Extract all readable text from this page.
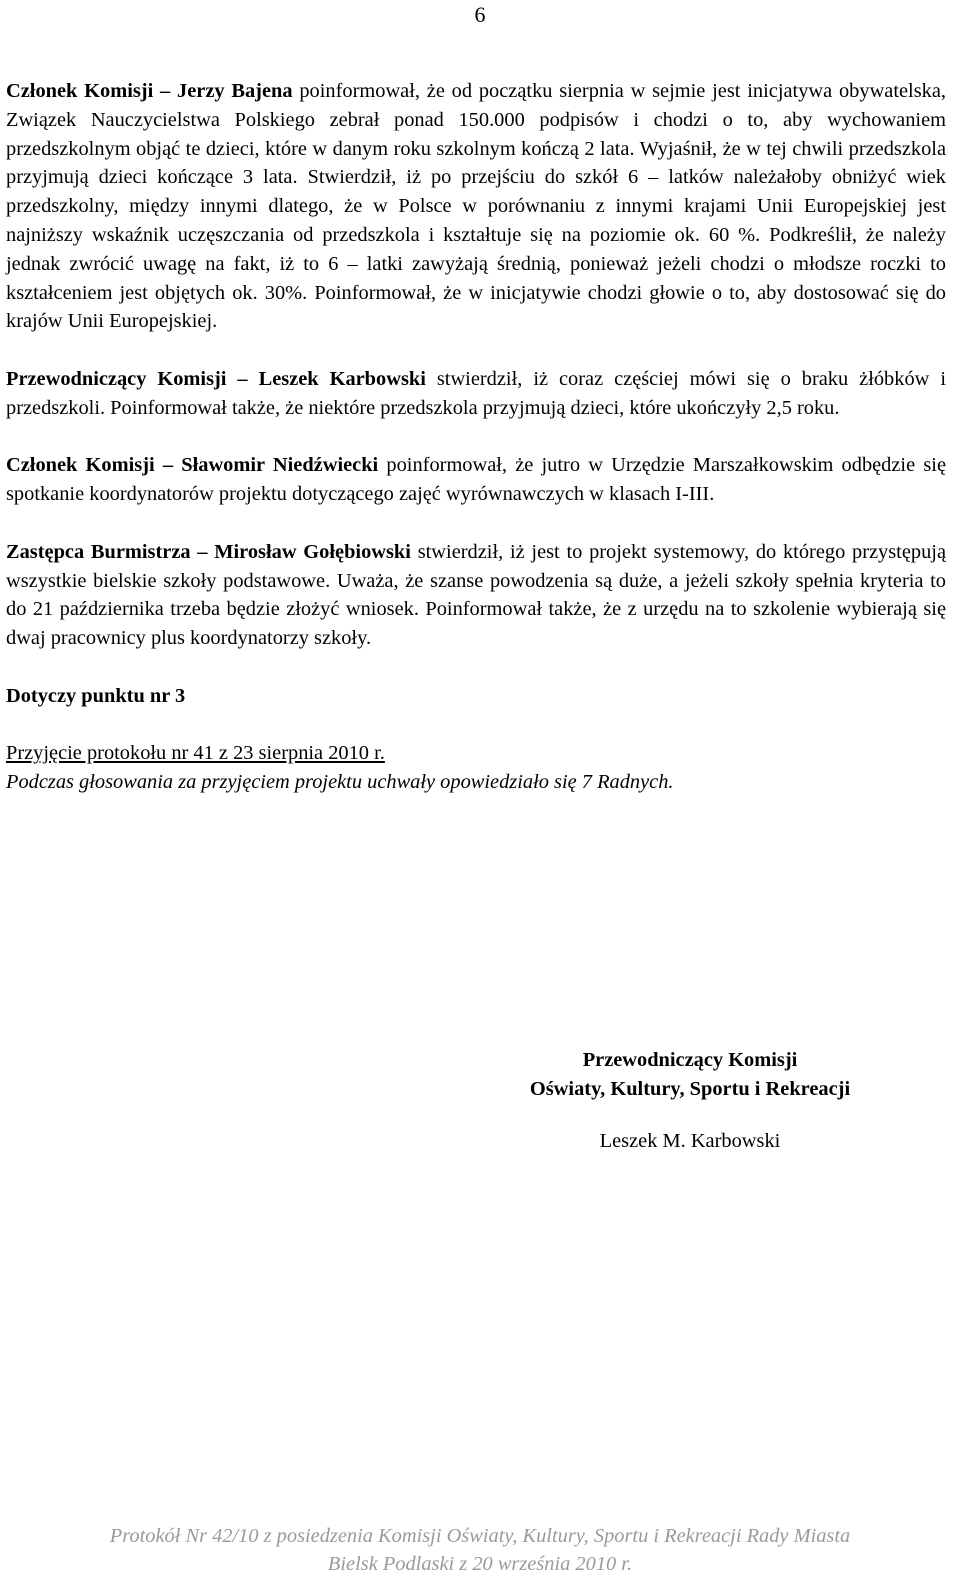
6

Członek Komisji – Jerzy Bajena poinformował, że od początku sierpnia w sejmie jest inicjatywa obywatelska, Związek Nauczycielstwa Polskiego zebrał ponad 150.000 podpisów i chodzi o to, aby wychowaniem przedszkolnym objąć te dzieci, które w danym roku szkolnym kończą 2 lata. Wyjaśnił, że w tej chwili przedszkola przyjmują dzieci kończące 3 lata. Stwierdził, iż po przejściu do szkół 6 – latków należałoby obniżyć wiek przedszkolny, między innymi dlatego, że w Polsce w porównaniu z innymi krajami Unii Europejskiej jest najniższy wskaźnik uczęszczania od przedszkola i kształtuje się na poziomie ok. 60 %. Podkreślił, że należy jednak zwrócić uwagę na fakt, iż to 6 – latki zawyżają średnią, ponieważ jeżeli chodzi o młodsze roczki to kształceniem jest objętych ok. 30%. Poinformował, że w inicjatywie chodzi głowie o to, aby dostosować się do krajów Unii Europejskiej.

Przewodniczący Komisji – Leszek Karbowski stwierdził, iż coraz częściej mówi się o braku żłóbków i przedszkoli. Poinformował także, że niektóre przedszkola przyjmują dzieci, które ukończyły 2,5 roku.

Członek Komisji – Sławomir Niedźwiecki poinformował, że jutro w Urzędzie Marszałkowskim odbędzie się spotkanie koordynatorów projektu dotyczącego zajęć wyrównawczych w klasach I-III.

Zastępca Burmistrza – Mirosław Gołębiowski stwierdził, iż jest to projekt systemowy, do którego przystępują wszystkie bielskie szkoły podstawowe. Uważa, że szanse powodzenia są duże, a jeżeli szkoły spełnia kryteria to do 21 października trzeba będzie złożyć wniosek. Poinformował także, że z urzędu na to szkolenie wybierają się dwaj pracownicy plus koordynatorzy szkoły.

Dotyczy punktu nr 3

Przyjęcie protokołu nr 41 z 23 sierpnia 2010 r.

Podczas głosowania za przyjęciem projektu uchwały opowiedziało się 7 Radnych.

Przewodniczący Komisji
Oświaty, Kultury, Sportu i Rekreacji
Leszek M. Karbowski
Protokół Nr 42/10 z posiedzenia Komisji Oświaty, Kultury, Sportu i Rekreacji Rady Miasta
Bielsk Podlaski z 20 września 2010 r.
